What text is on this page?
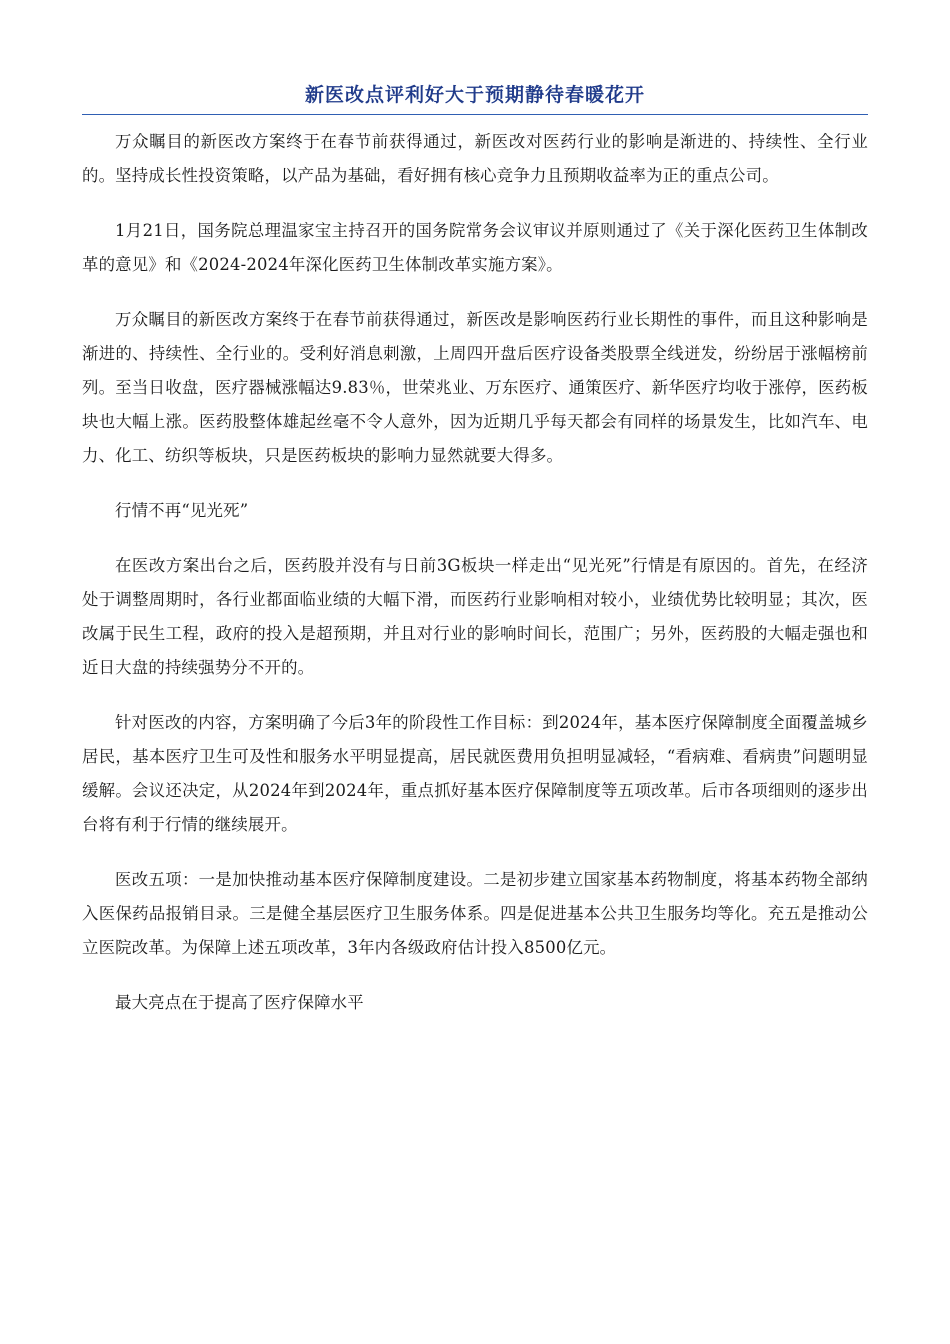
新医改点评利好大于预期静待春暖花开

万众瞩目的新医改方案终于在春节前获得通过，新医改对医药行业的影响是渐进的、持续性、全行业的。坚持成长性投资策略，以产品为基础，看好拥有核心竞争力且预期收益率为正的重点公司。

1月21日，国务院总理温家宝主持召开的国务院常务会议审议并原则通过了《关于深化医药卫生体制改革的意见》和《2024-2024年深化医药卫生体制改革实施方案》。

万众瞩目的新医改方案终于在春节前获得通过，新医改是影响医药行业长期性的事件，而且这种影响是渐进的、持续性、全行业的。受利好消息刺激，上周四开盘后医疗设备类股票全线迸发，纷纷居于涨幅榜前列。至当日收盘，医疗器械涨幅达9.83％，世荣兆业、万东医疗、通策医疗、新华医疗均收于涨停，医药板块也大幅上涨。医药股整体雄起丝毫不令人意外，因为近期几乎每天都会有同样的场景发生，比如汽车、电力、化工、纺织等板块，只是医药板块的影响力显然就要大得多。

行情不再“见光死”

在医改方案出台之后，医药股并没有与日前3G板块一样走出“见光死”行情是有原因的。首先，在经济处于调整周期时，各行业都面临业绩的大幅下滑，而医药行业影响相对较小，业绩优势比较明显；其次，医改属于民生工程，政府的投入是超预期，并且对行业的影响时间长，范围广；另外，医药股的大幅走强也和近日大盘的持续强势分不开的。

针对医改的内容，方案明确了今后3年的阶段性工作目标：到2024年，基本医疗保障制度全面覆盖城乡居民，基本医疗卫生可及性和服务水平明显提高，居民就医费用负担明显减轻，“看病难、看病贵”问题明显缓解。会议还决定，从2024年到2024年，重点抓好基本医疗保障制度等五项改革。后市各项细则的逐步出台将有利于行情的继续展开。

医改五项：一是加快推动基本医疗保障制度建设。二是初步建立国家基本药物制度，将基本药物全部纳入医保药品报销目录。三是健全基层医疗卫生服务体系。四是促进基本公共卫生服务均等化。充五是推动公立医院改革。为保障上述五项改革，3年内各级政府估计投入8500亿元。

最大亮点在于提高了医疗保障水平
